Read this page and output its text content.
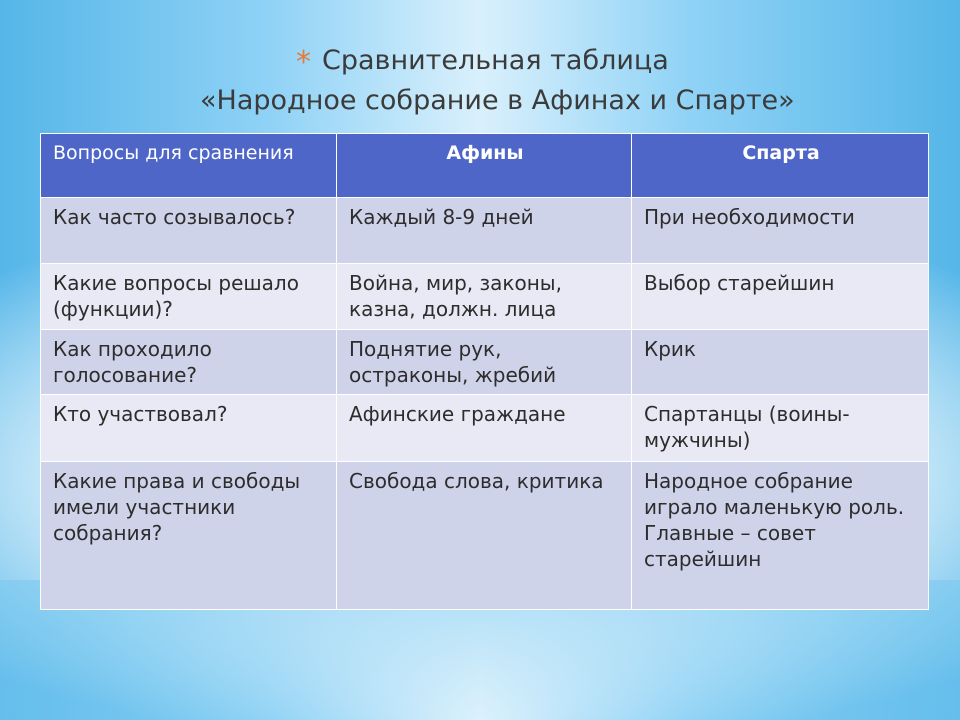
* Сравнительная таблица
«Народное собрание в Афинах и Спарте»
Вопросы для сравнения	Афины	Спарта
Как часто созывалось?	Каждый 8-9 дней	При необходимости
Какие вопросы решало (функции)?	Война, мир, законы, казна, должн. лица	Выбор старейшин
Как проходило голосование?	Поднятие рук, остраконы, жребий	Крик
Кто участвовал?	Афинские граждане	Спартанцы (воины-мужчины)
Какие права и свободы имели участники собрания?	Свобода слова, критика	Народное собрание играло маленькую роль. Главные – совет старейшин
